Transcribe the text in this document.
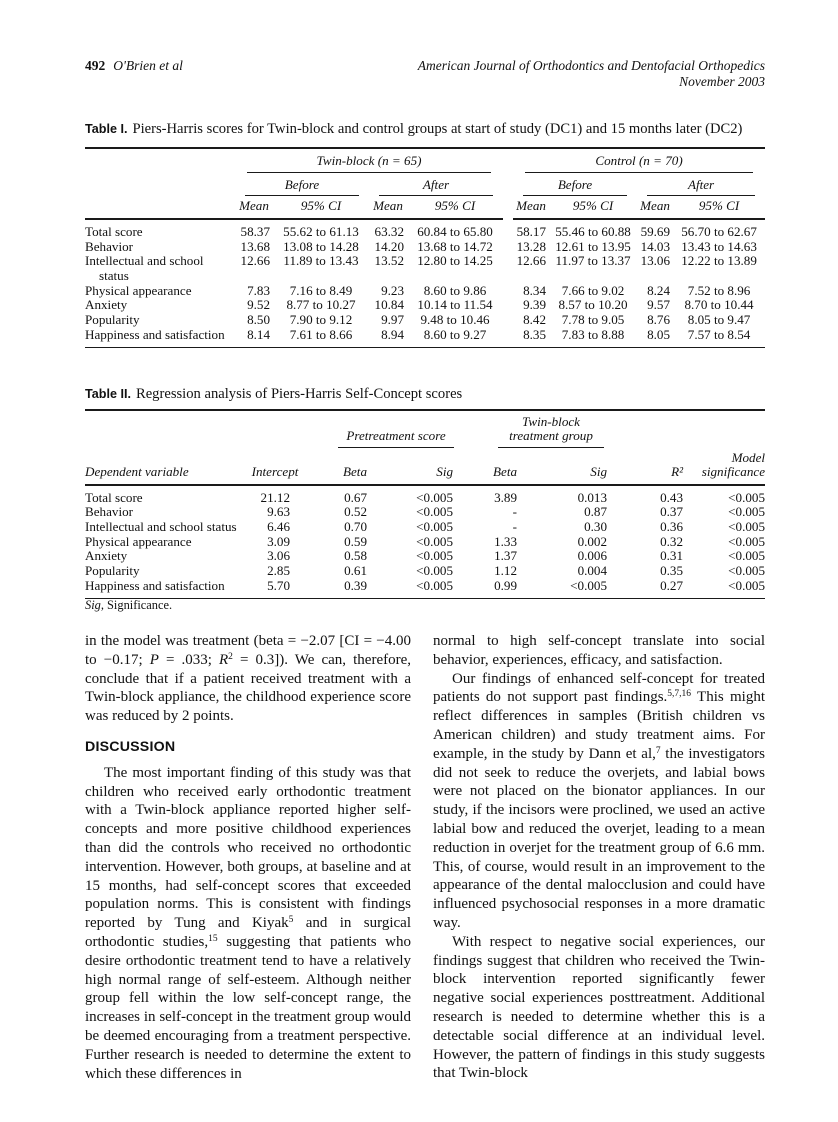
492 O'Brien et al	American Journal of Orthodontics and Dentofacial Orthopedics
November 2003
Table I. Piers-Harris scores for Twin-block and control groups at start of study (DC1) and 15 months later (DC2)

	Twin-block (n = 65)					Control (n = 70)			

	Before		After			Before		After	

	Mean	95% CI	Mean	95% CI		Mean	95% CI	Mean	95% CI
Total score	58.37	55.62 to 61.13	63.32	60.84 to 65.80		58.17	55.46 to 60.88	59.69	56.70 to 62.67
Behavior	13.68	13.08 to 14.28	14.20	13.68 to 14.72		13.28	12.61 to 13.95	14.03	13.43 to 14.63
Intellectual and school status	12.66	11.89 to 13.43	13.52	12.80 to 14.25		12.66	11.97 to 13.37	13.06	12.22 to 13.89
Physical appearance	7.83	7.16 to 8.49	9.23	8.60 to 9.86		8.34	7.66 to 9.02	8.24	7.52 to 8.96
Anxiety	9.52	8.77 to 10.27	10.84	10.14 to 11.54		9.39	8.57 to 10.20	9.57	8.70 to 10.44
Popularity	8.50	7.90 to 9.12	9.97	9.48 to 10.46		8.42	7.78 to 9.05	8.76	8.05 to 9.47
Happiness and satisfaction	8.14	7.61 to 8.66	8.94	8.60 to 9.27		8.35	7.83 to 8.88	8.05	7.57 to 8.54
Table II. Regression analysis of Piers-Harris Self-Concept scores

		Pretreatment score		Twin-block treatment group			

Dependent variable	Intercept	Beta	Sig	Beta	Sig	R²	Model significance
Total score	21.12	0.67	<0.005	3.89	0.013	0.43	<0.005
Behavior	9.63	0.52	<0.005	-	0.87	0.37	<0.005
Intellectual and school status	6.46	0.70	<0.005	-	0.30	0.36	<0.005
Physical appearance	3.09	0.59	<0.005	1.33	0.002	0.32	<0.005
Anxiety	3.06	0.58	<0.005	1.37	0.006	0.31	<0.005
Popularity	2.85	0.61	<0.005	1.12	0.004	0.35	<0.005
Happiness and satisfaction	5.70	0.39	<0.005	0.99	<0.005	0.27	<0.005
Sig, Significance.

in the model was treatment (beta = −2.07 [CI = −4.00 to −0.17; P = .033; $R^2 = 0.3$]). We can, therefore, conclude that if a patient received treatment with a Twin-block appliance, the childhood experience score was reduced by 2 points.

DISCUSSION

The most important finding of this study was that children who received early orthodontic treatment with a Twin-block appliance reported higher self-concepts and more positive childhood experiences than did the controls who received no orthodontic intervention. However, both groups, at baseline and at 15 months, had self-concept scores that exceeded population norms. This is consistent with findings reported by Tung and Kiyak$^5$ and in surgical orthodontic studies,$^{15}$ suggesting that patients who desire orthodontic treatment tend to have a relatively high normal range of self-esteem. Although neither group fell within the low self-concept range, the increases in self-concept in the treatment group would be deemed encouraging from a treatment perspective. Further research is needed to determine the extent to which these differences in

normal to high self-concept translate into social behavior, experiences, efficacy, and satisfaction.

Our findings of enhanced self-concept for treated patients do not support past findings.$^{5,7,16}$ This might reflect differences in samples (British children vs American children) and study treatment aims. For example, in the study by Dann et al,$^7$ the investigators did not seek to reduce the overjets, and labial bows were not placed on the bionator appliances. In our study, if the incisors were proclined, we used an active labial bow and reduced the overjet, leading to a mean reduction in overjet for the treatment group of 6.6 mm. This, of course, would result in an improvement to the appearance of the dental malocclusion and could have influenced psychosocial responses in a more dramatic way.

With respect to negative social experiences, our findings suggest that children who received the Twin-block intervention reported significantly fewer negative social experiences posttreatment. Additional research is needed to determine whether this is a detectable social difference at an individual level. However, the pattern of findings in this study suggests that Twin-block
